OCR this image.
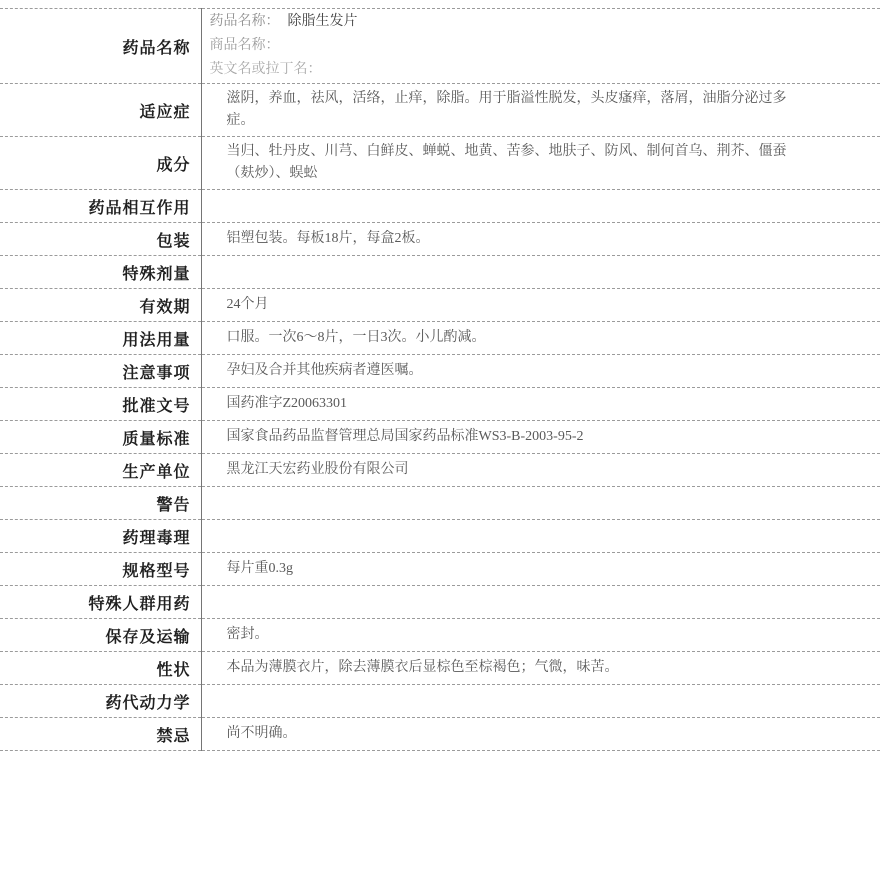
药品名称	药品名称： 除脂生发片
商品名称：
英文名或拉丁名：

适应症	滋阴，养血，祛风，活络，止痒，除脂。用于脂溢性脱发，头皮瘙痒，落屑，油脂分泌过多症。
成分	当归、牡丹皮、川芎、白鲜皮、蝉蜕、地黄、苦参、地肤子、防风、制何首乌、荆芥、僵蚕（麸炒）、蜈蚣
药品相互作用	
包装	铝塑包装。每板18片，每盒2板。
特殊剂量	
有效期	24个月
用法用量	口服。一次6～8片，一日3次。小儿酌减。
注意事项	孕妇及合并其他疾病者遵医嘱。
批准文号	国药准字Z20063301
质量标准	国家食品药品监督管理总局国家药品标准WS3-B-2003-95-2
生产单位	黑龙江天宏药业股份有限公司
警告	
药理毒理	
规格型号	每片重0.3g
特殊人群用药	
保存及运输	密封。
性状	本品为薄膜衣片，除去薄膜衣后显棕色至棕褐色；气微，味苦。
药代动力学	
禁忌	尚不明确。
